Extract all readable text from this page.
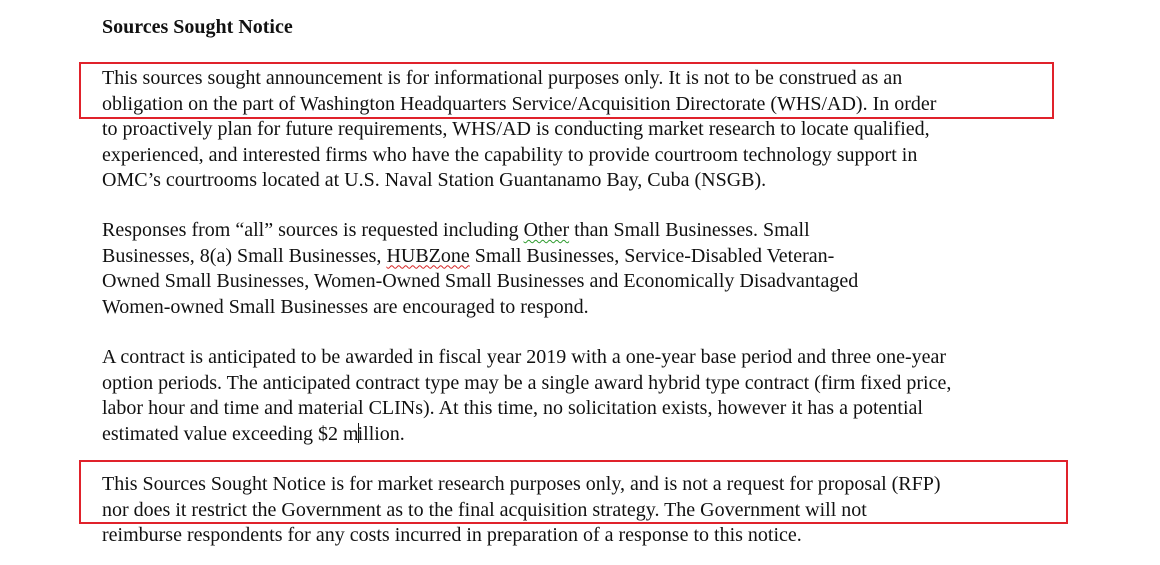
Sources Sought Notice

This sources sought announcement is for informational purposes only. It is not to be construed as an
obligation on the part of Washington Headquarters Service/Acquisition Directorate (WHS/AD). In order
to proactively plan for future requirements, WHS/AD is conducting market research to locate qualified,
experienced, and interested firms who have the capability to provide courtroom technology support in
OMC’s courtrooms located at U.S. Naval Station Guantanamo Bay, Cuba (NSGB).

Responses from “all” sources is requested including Other than Small Businesses. Small
Businesses, 8(a) Small Businesses, HUBZone Small Businesses, Service-Disabled Veteran-
Owned Small Businesses, Women-Owned Small Businesses and Economically Disadvantaged
Women-owned Small Businesses are encouraged to respond.

A contract is anticipated to be awarded in fiscal year 2019 with a one-year base period and three one-year
option periods. The anticipated contract type may be a single award hybrid type contract (firm fixed price,
labor hour and time and material CLINs). At this time, no solicitation exists, however it has a potential
estimated value exceeding $2 million.

This Sources Sought Notice is for market research purposes only, and is not a request for proposal (RFP)
nor does it restrict the Government as to the final acquisition strategy. The Government will not
reimburse respondents for any costs incurred in preparation of a response to this notice.
